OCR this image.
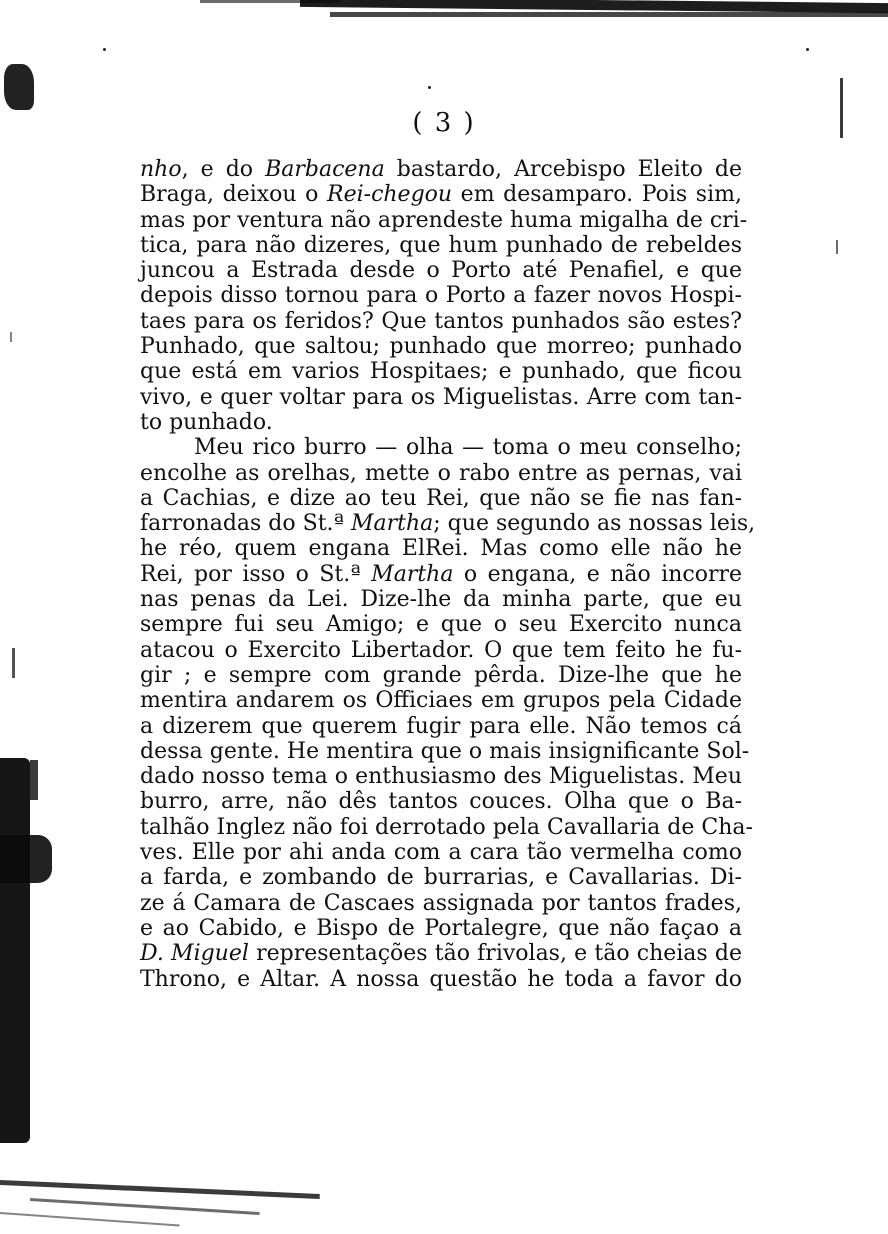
( 3 )
nho, e do Barbacena bastardo, Arcebispo Eleito de
Braga, deixou o Rei-chegou em desamparo. Pois sim,
mas por ventura não aprendeste huma migalha de cri-
tica, para não dizeres, que hum punhado de rebeldes
juncou a Estrada desde o Porto até Penafiel, e que
depois disso tornou para o Porto a fazer novos Hospi-
taes para os feridos? Que tantos punhados são estes?
Punhado, que saltou; punhado que morreo; punhado
que está em varios Hospitaes; e punhado, que ficou
vivo, e quer voltar para os Miguelistas. Arre com tan-
to punhado.
Meu rico burro — olha — toma o meu conselho;
encolhe as orelhas, mette o rabo entre as pernas, vai
a Cachias, e dize ao teu Rei, que não se fie nas fan-
farronadas do St.ª Martha; que segundo as nossas leis,
he réo, quem engana ElRei. Mas como elle não he
Rei, por isso o St.ª Martha o engana, e não incorre
nas penas da Lei. Dize-lhe da minha parte, que eu
sempre fui seu Amigo; e que o seu Exercito nunca
atacou o Exercito Libertador. O que tem feito he fu-
gir ; e sempre com grande pêrda. Dize-lhe que he
mentira andarem os Officiaes em grupos pela Cidade
a dizerem que querem fugir para elle. Não temos cá
dessa gente. He mentira que o mais insignificante Sol-
dado nosso tema o enthusiasmo des Miguelistas. Meu
burro, arre, não dês tantos couces. Olha que o Ba-
talhão Inglez não foi derrotado pela Cavallaria de Cha-
ves. Elle por ahi anda com a cara tão vermelha como
a farda, e zombando de burrarias, e Cavallarias. Di-
ze á Camara de Cascaes assignada por tantos frades,
e ao Cabido, e Bispo de Portalegre, que não façao a
D. Miguel representações tão frivolas, e tão cheias de
Throno, e Altar. A nossa questão he toda a favor do
